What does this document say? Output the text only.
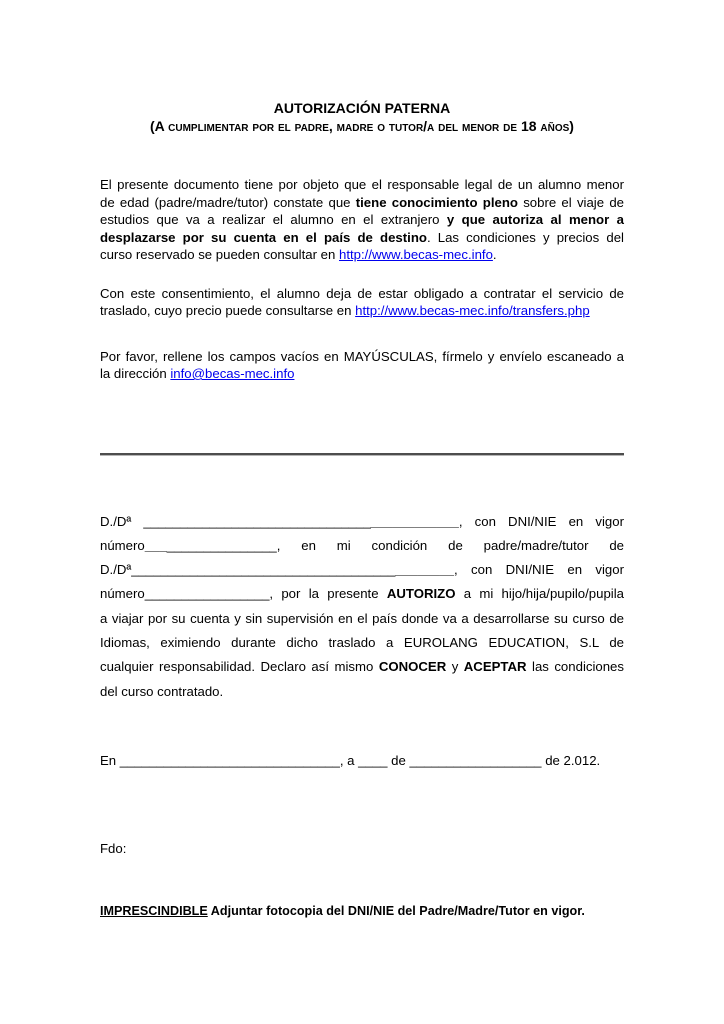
AUTORIZACIÓN PATERNA
(A cumplimentar por el padre, madre o tutor/a del menor de 18 años)
El presente documento tiene por objeto que el responsable legal de un alumno menor
de edad (padre/madre/tutor) constate que tiene conocimiento pleno sobre el viaje de
estudios que va a realizar el alumno en el extranjero y que autoriza al menor a
desplazarse por su cuenta en el país de destino. Las condiciones y precios del
curso reservado se pueden consultar en http://www.becas-mec.info.
Con este consentimiento, el alumno deja de estar obligado a contratar el servicio de
traslado, cuyo precio puede consultarse en http://www.becas-mec.info/transfers.php
Por favor, rellene los campos vacíos en MAYÚSCULAS, fírmelo y envíelo escaneado a
la dirección info@becas-mec.info
D./Dª ___________________________________________, con DNI/NIE en vigor
número__________________, en mi condición de padre/madre/tutor de
D./Dª____________________________________________, con DNI/NIE en vigor
número_________________, por la presente AUTORIZO a mi hijo/hija/pupilo/pupila
a viajar por su cuenta y sin supervisión en el país donde va a desarrollarse su curso de
Idiomas, eximiendo durante dicho traslado a EUROLANG EDUCATION, S.L de
cualquier responsabilidad. Declaro así mismo CONOCER y ACEPTAR las condiciones
del curso contratado.
En ______________________________, a ____ de __________________ de 2.012.
Fdo:
IMPRESCINDIBLE Adjuntar fotocopia del DNI/NIE del Padre/Madre/Tutor en vigor.
